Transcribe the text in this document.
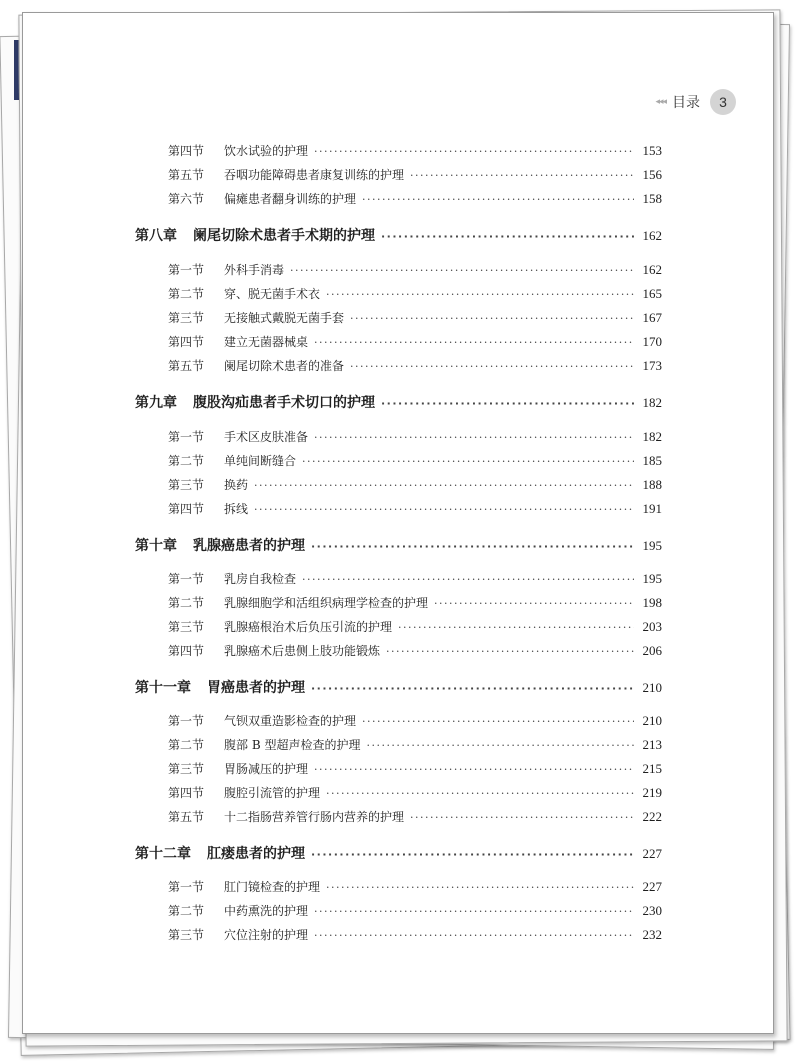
◂◂◂ 目录	3
第四节	饮水试验的护理 ·····	153
第五节	吞咽功能障碍患者康复训练的护理 ·····	156
第六节	偏瘫患者翻身训练的护理 ·····	158
第八章 阑尾切除术患者手术期的护理 ·····	162
第一节	外科手消毒 ·····	162
第二节	穿、脱无菌手术衣 ·····	165
第三节	无接触式戴脱无菌手套 ·····	167
第四节	建立无菌器械桌 ·····	170
第五节	阑尾切除术患者的准备 ·····	173
第九章 腹股沟疝患者手术切口的护理 ·····	182
第一节	手术区皮肤准备 ·····	182
第二节	单纯间断缝合 ·····	185
第三节	换药 ·····	188
第四节	拆线 ·····	191
第十章 乳腺癌患者的护理 ·····	195
第一节	乳房自我检查 ·····	195
第二节	乳腺细胞学和活组织病理学检查的护理 ·····	198
第三节	乳腺癌根治术后负压引流的护理 ·····	203
第四节	乳腺癌术后患侧上肢功能锻炼 ·····	206
第十一章 胃癌患者的护理 ·····	210
第一节	气钡双重造影检查的护理 ·····	210
第二节	腹部 B 型超声检查的护理 ·····	213
第三节	胃肠减压的护理 ·····	215
第四节	腹腔引流管的护理 ·····	219
第五节	十二指肠营养管行肠内营养的护理 ·····	222
第十二章 肛瘘患者的护理 ·····	227
第一节	肛门镜检查的护理 ·····	227
第二节	中药熏洗的护理 ·····	230
第三节	穴位注射的护理 ·····	232
